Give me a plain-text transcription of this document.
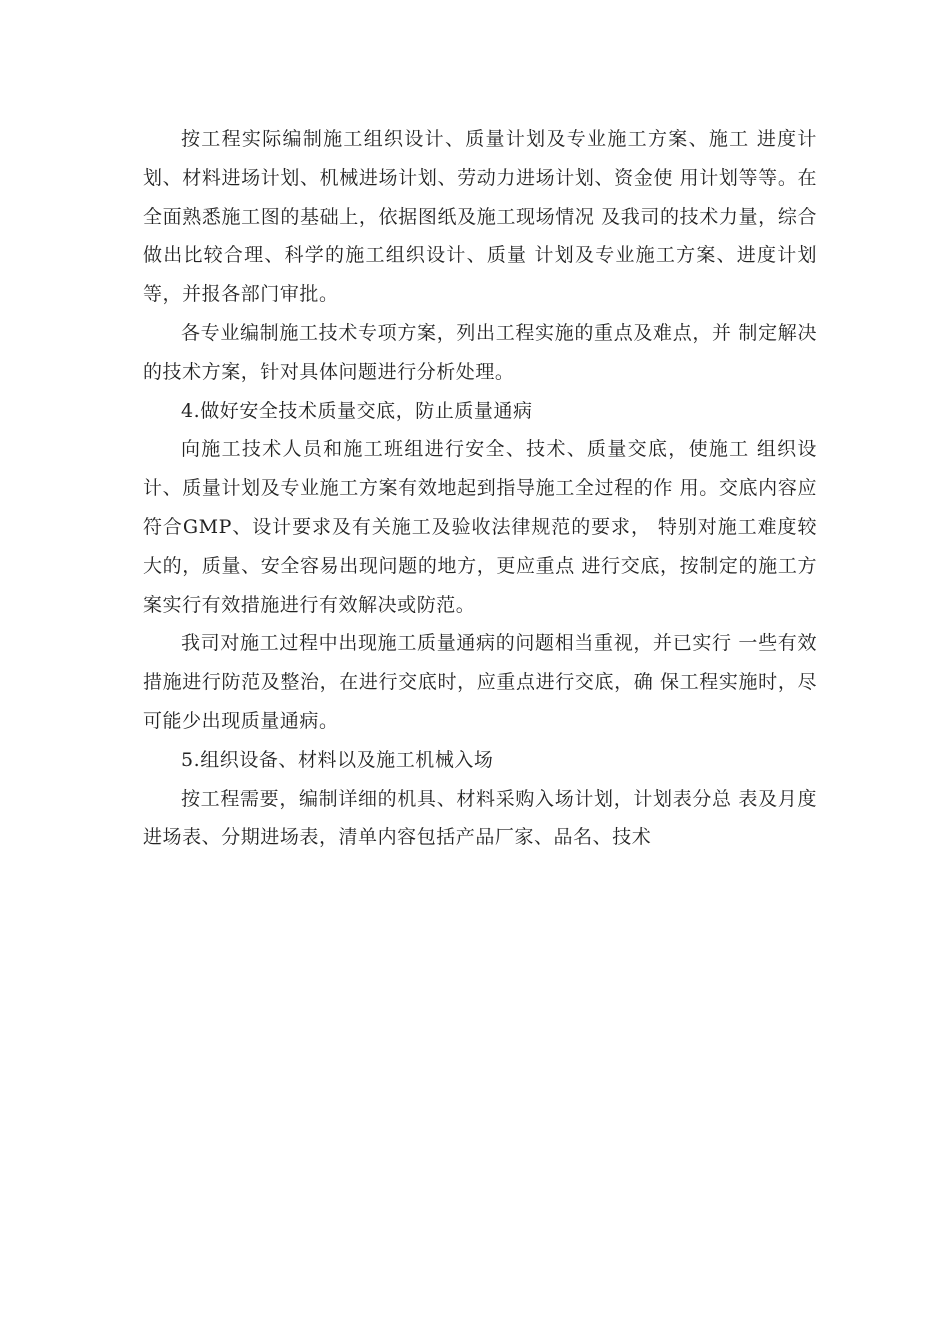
按工程实际编制施工组织设计、质量计划及专业施工方案、施工 进度计划、材料进场计划、机械进场计划、劳动力进场计划、资金使 用计划等等。在全面熟悉施工图的基础上，依据图纸及施工现场情况 及我司的技术力量，综合做出比较合理、科学的施工组织设计、质量 计划及专业施工方案、进度计划等，并报各部门审批。

各专业编制施工技术专项方案，列出工程实施的重点及难点，并 制定解决的技术方案，针对具体问题进行分析处理。

4.做好安全技术质量交底，防止质量通病

向施工技术人员和施工班组进行安全、技术、质量交底，使施工 组织设计、质量计划及专业施工方案有效地起到指导施工全过程的作 用。交底内容应符合GMP、设计要求及有关施工及验收法律规范的要求， 特别对施工难度较大的，质量、安全容易出现问题的地方，更应重点 进行交底，按制定的施工方案实行有效措施进行有效解决或防范。

我司对施工过程中出现施工质量通病的问题相当重视，并已实行 一些有效措施进行防范及整治，在进行交底时，应重点进行交底，确 保工程实施时，尽可能少出现质量通病。

5.组织设备、材料以及施工机械入场

按工程需要，编制详细的机具、材料采购入场计划，计划表分总 表及月度进场表、分期进场表，清单内容包括产品厂家、品名、技术
